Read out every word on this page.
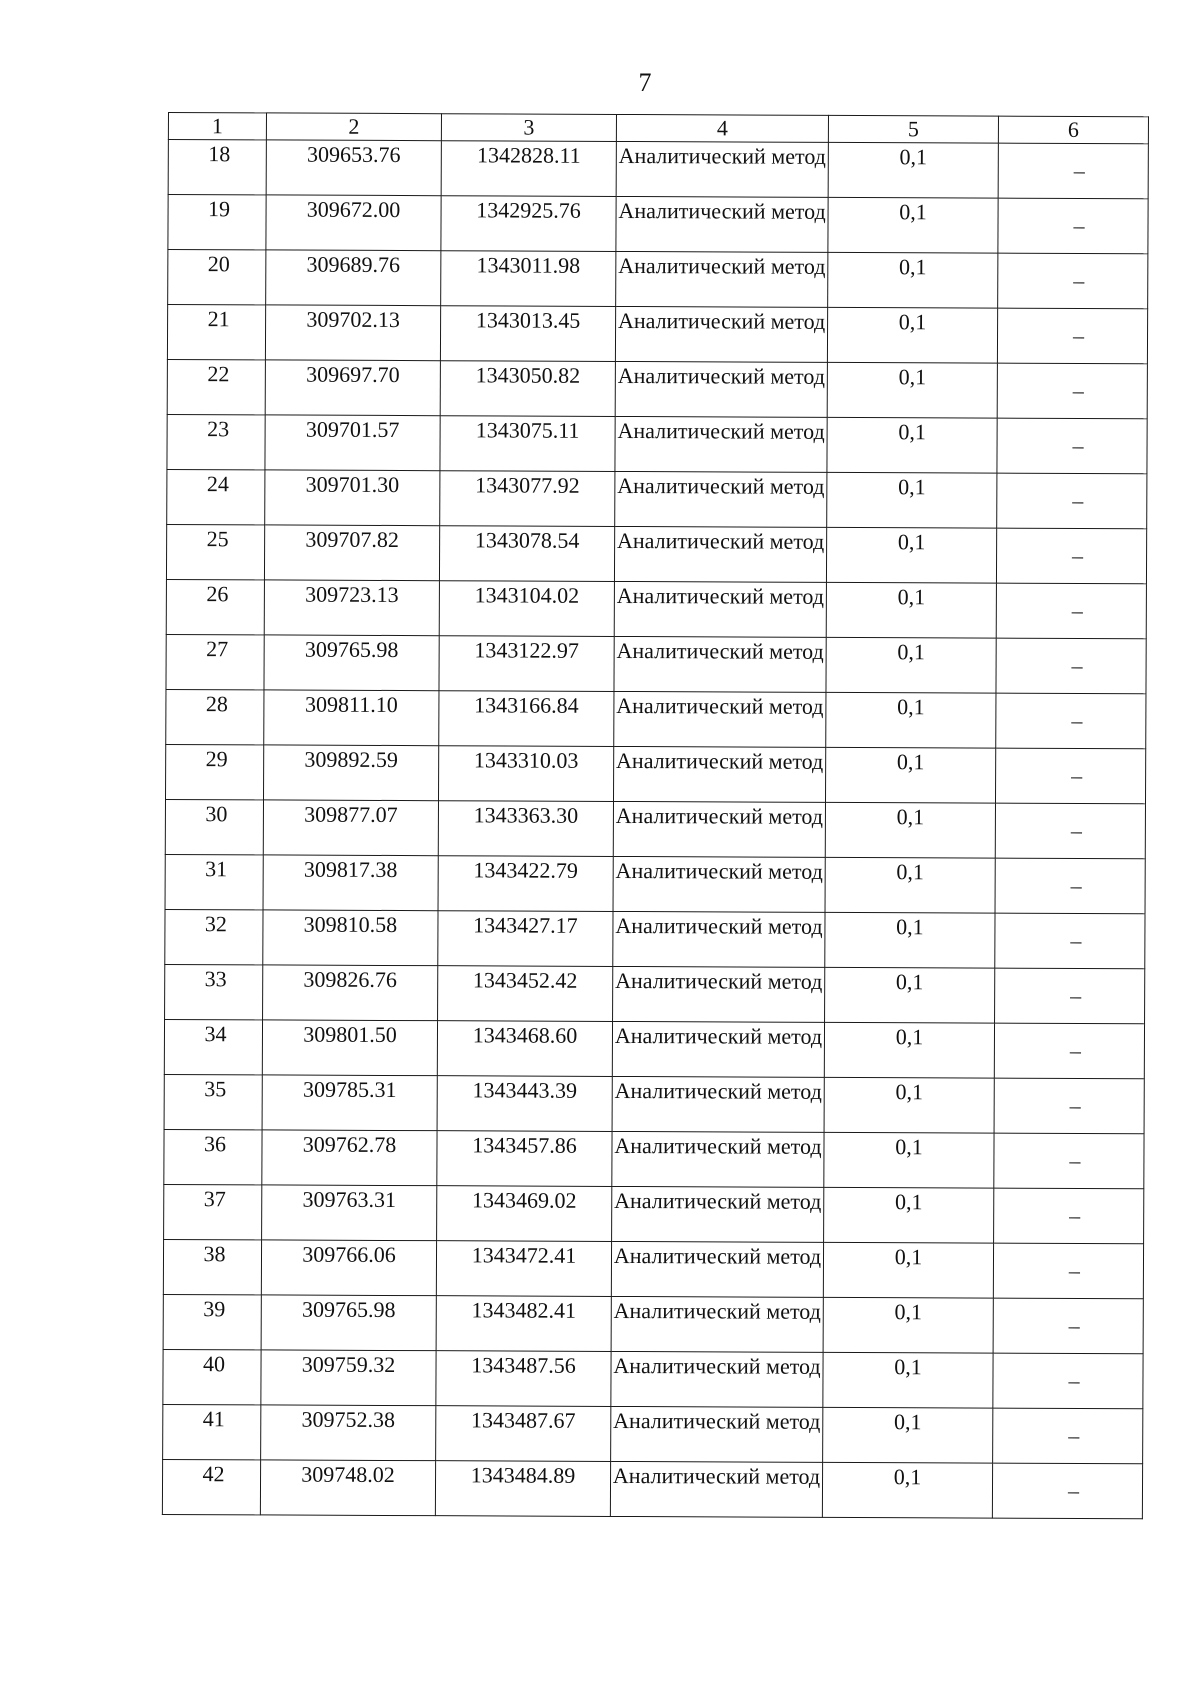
7
1	2	3	4	5	6
18	309653.76	1342828.11	Аналитический метод	0,1	–
19	309672.00	1342925.76	Аналитический метод	0,1	–
20	309689.76	1343011.98	Аналитический метод	0,1	–
21	309702.13	1343013.45	Аналитический метод	0,1	–
22	309697.70	1343050.82	Аналитический метод	0,1	–
23	309701.57	1343075.11	Аналитический метод	0,1	–
24	309701.30	1343077.92	Аналитический метод	0,1	–
25	309707.82	1343078.54	Аналитический метод	0,1	–
26	309723.13	1343104.02	Аналитический метод	0,1	–
27	309765.98	1343122.97	Аналитический метод	0,1	–
28	309811.10	1343166.84	Аналитический метод	0,1	–
29	309892.59	1343310.03	Аналитический метод	0,1	–
30	309877.07	1343363.30	Аналитический метод	0,1	–
31	309817.38	1343422.79	Аналитический метод	0,1	–
32	309810.58	1343427.17	Аналитический метод	0,1	–
33	309826.76	1343452.42	Аналитический метод	0,1	–
34	309801.50	1343468.60	Аналитический метод	0,1	–
35	309785.31	1343443.39	Аналитический метод	0,1	–
36	309762.78	1343457.86	Аналитический метод	0,1	–
37	309763.31	1343469.02	Аналитический метод	0,1	–
38	309766.06	1343472.41	Аналитический метод	0,1	–
39	309765.98	1343482.41	Аналитический метод	0,1	–
40	309759.32	1343487.56	Аналитический метод	0,1	–
41	309752.38	1343487.67	Аналитический метод	0,1	–
42	309748.02	1343484.89	Аналитический метод	0,1	–
